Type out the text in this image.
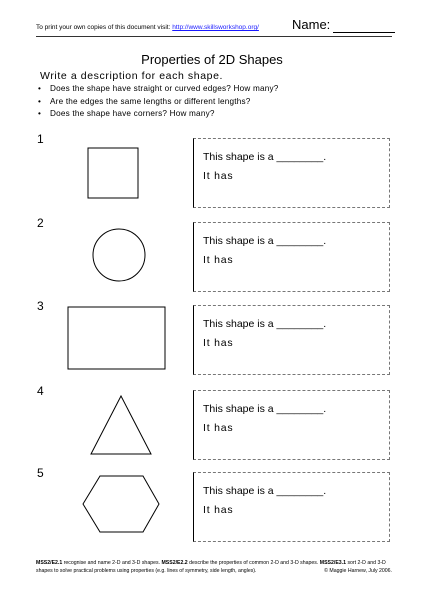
To print your own copies of this document visit: http://www.skillsworkshop.org/	Name:
Properties of 2D Shapes
Write a description for each shape.
• Does the shape have straight or curved edges? How many?
• Are the edges the same lengths or different lengths?
• Does the shape have corners? How many?
1
This shape is a ________.
It has
2
This shape is a ________.
It has
3
This shape is a ________.
It has
4
This shape is a ________.
It has
5
This shape is a ________.
It has
MSS2/E2.1 recognise and name 2-D and 3-D shapes. MSS2/E2.2 describe the properties of common 2-D and 3-D shapes. MSS2/E3.1 sort 2-D and 3-D shapes to solve practical problems using properties (e.g. lines of symmetry, side length, angles).	© Maggie Harnew, July 2006.
